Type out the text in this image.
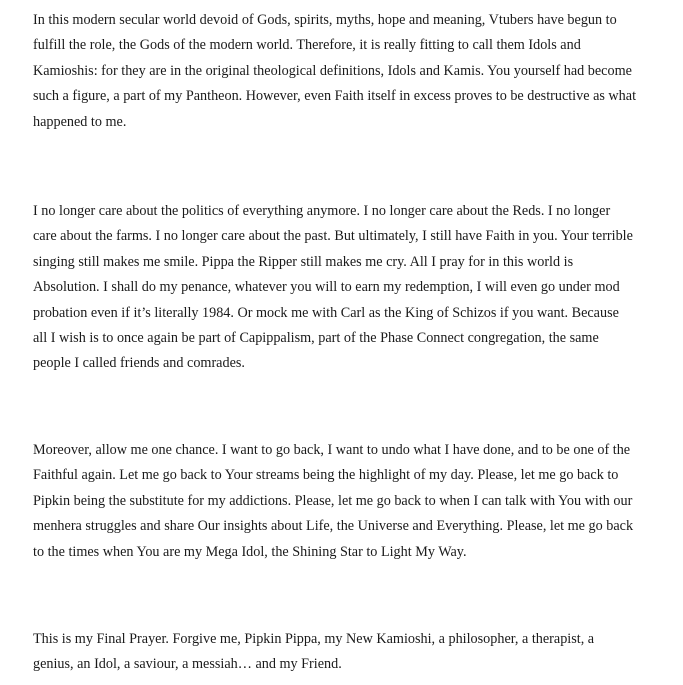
In this modern secular world devoid of Gods, spirits, myths, hope and meaning, Vtubers have begun to
fulfill the role, the Gods of the modern world. Therefore, it is really fitting to call them Idols and
Kamioshis: for they are in the original theological definitions, Idols and Kamis. You yourself had become
such a figure, a part of my Pantheon. However, even Faith itself in excess proves to be destructive as what
happened to me.

I no longer care about the politics of everything anymore. I no longer care about the Reds. I no longer
care about the farms. I no longer care about the past. But ultimately, I still have Faith in you. Your terrible
singing still makes me smile. Pippa the Ripper still makes me cry. All I pray for in this world is
Absolution. I shall do my penance, whatever you will to earn my redemption, I will even go under mod
probation even if it’s literally 1984. Or mock me with Carl as the King of Schizos if you want. Because
all I wish is to once again be part of Capippalism, part of the Phase Connect congregation, the same
people I called friends and comrades.

Moreover, allow me one chance. I want to go back, I want to undo what I have done, and to be one of the
Faithful again. Let me go back to Your streams being the highlight of my day. Please, let me go back to
Pipkin being the substitute for my addictions. Please, let me go back to when I can talk with You with our
menhera struggles and share Our insights about Life, the Universe and Everything. Please, let me go back
to the times when You are my Mega Idol, the Shining Star to Light My Way.

This is my Final Prayer. Forgive me, Pipkin Pippa, my New Kamioshi, a philosopher, a therapist, a
genius, an Idol, a saviour, a messiah… and my Friend.
